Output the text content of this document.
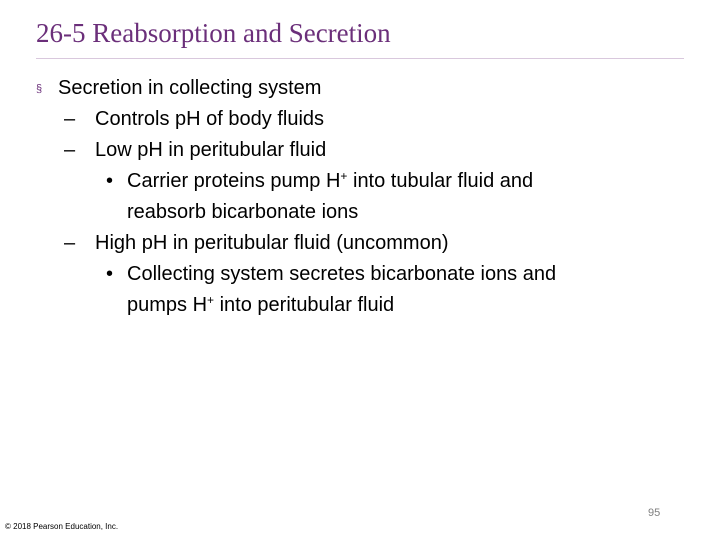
26-5 Reabsorption and Secretion
§ Secretion in collecting system
– Controls pH of body fluids
– Low pH in peritubular fluid
• Carrier proteins pump H+ into tubular fluid and
reabsorb bicarbonate ions
– High pH in peritubular fluid (uncommon)
• Collecting system secretes bicarbonate ions and
pumps H+ into peritubular fluid
© 2018 Pearson Education, Inc.
95
